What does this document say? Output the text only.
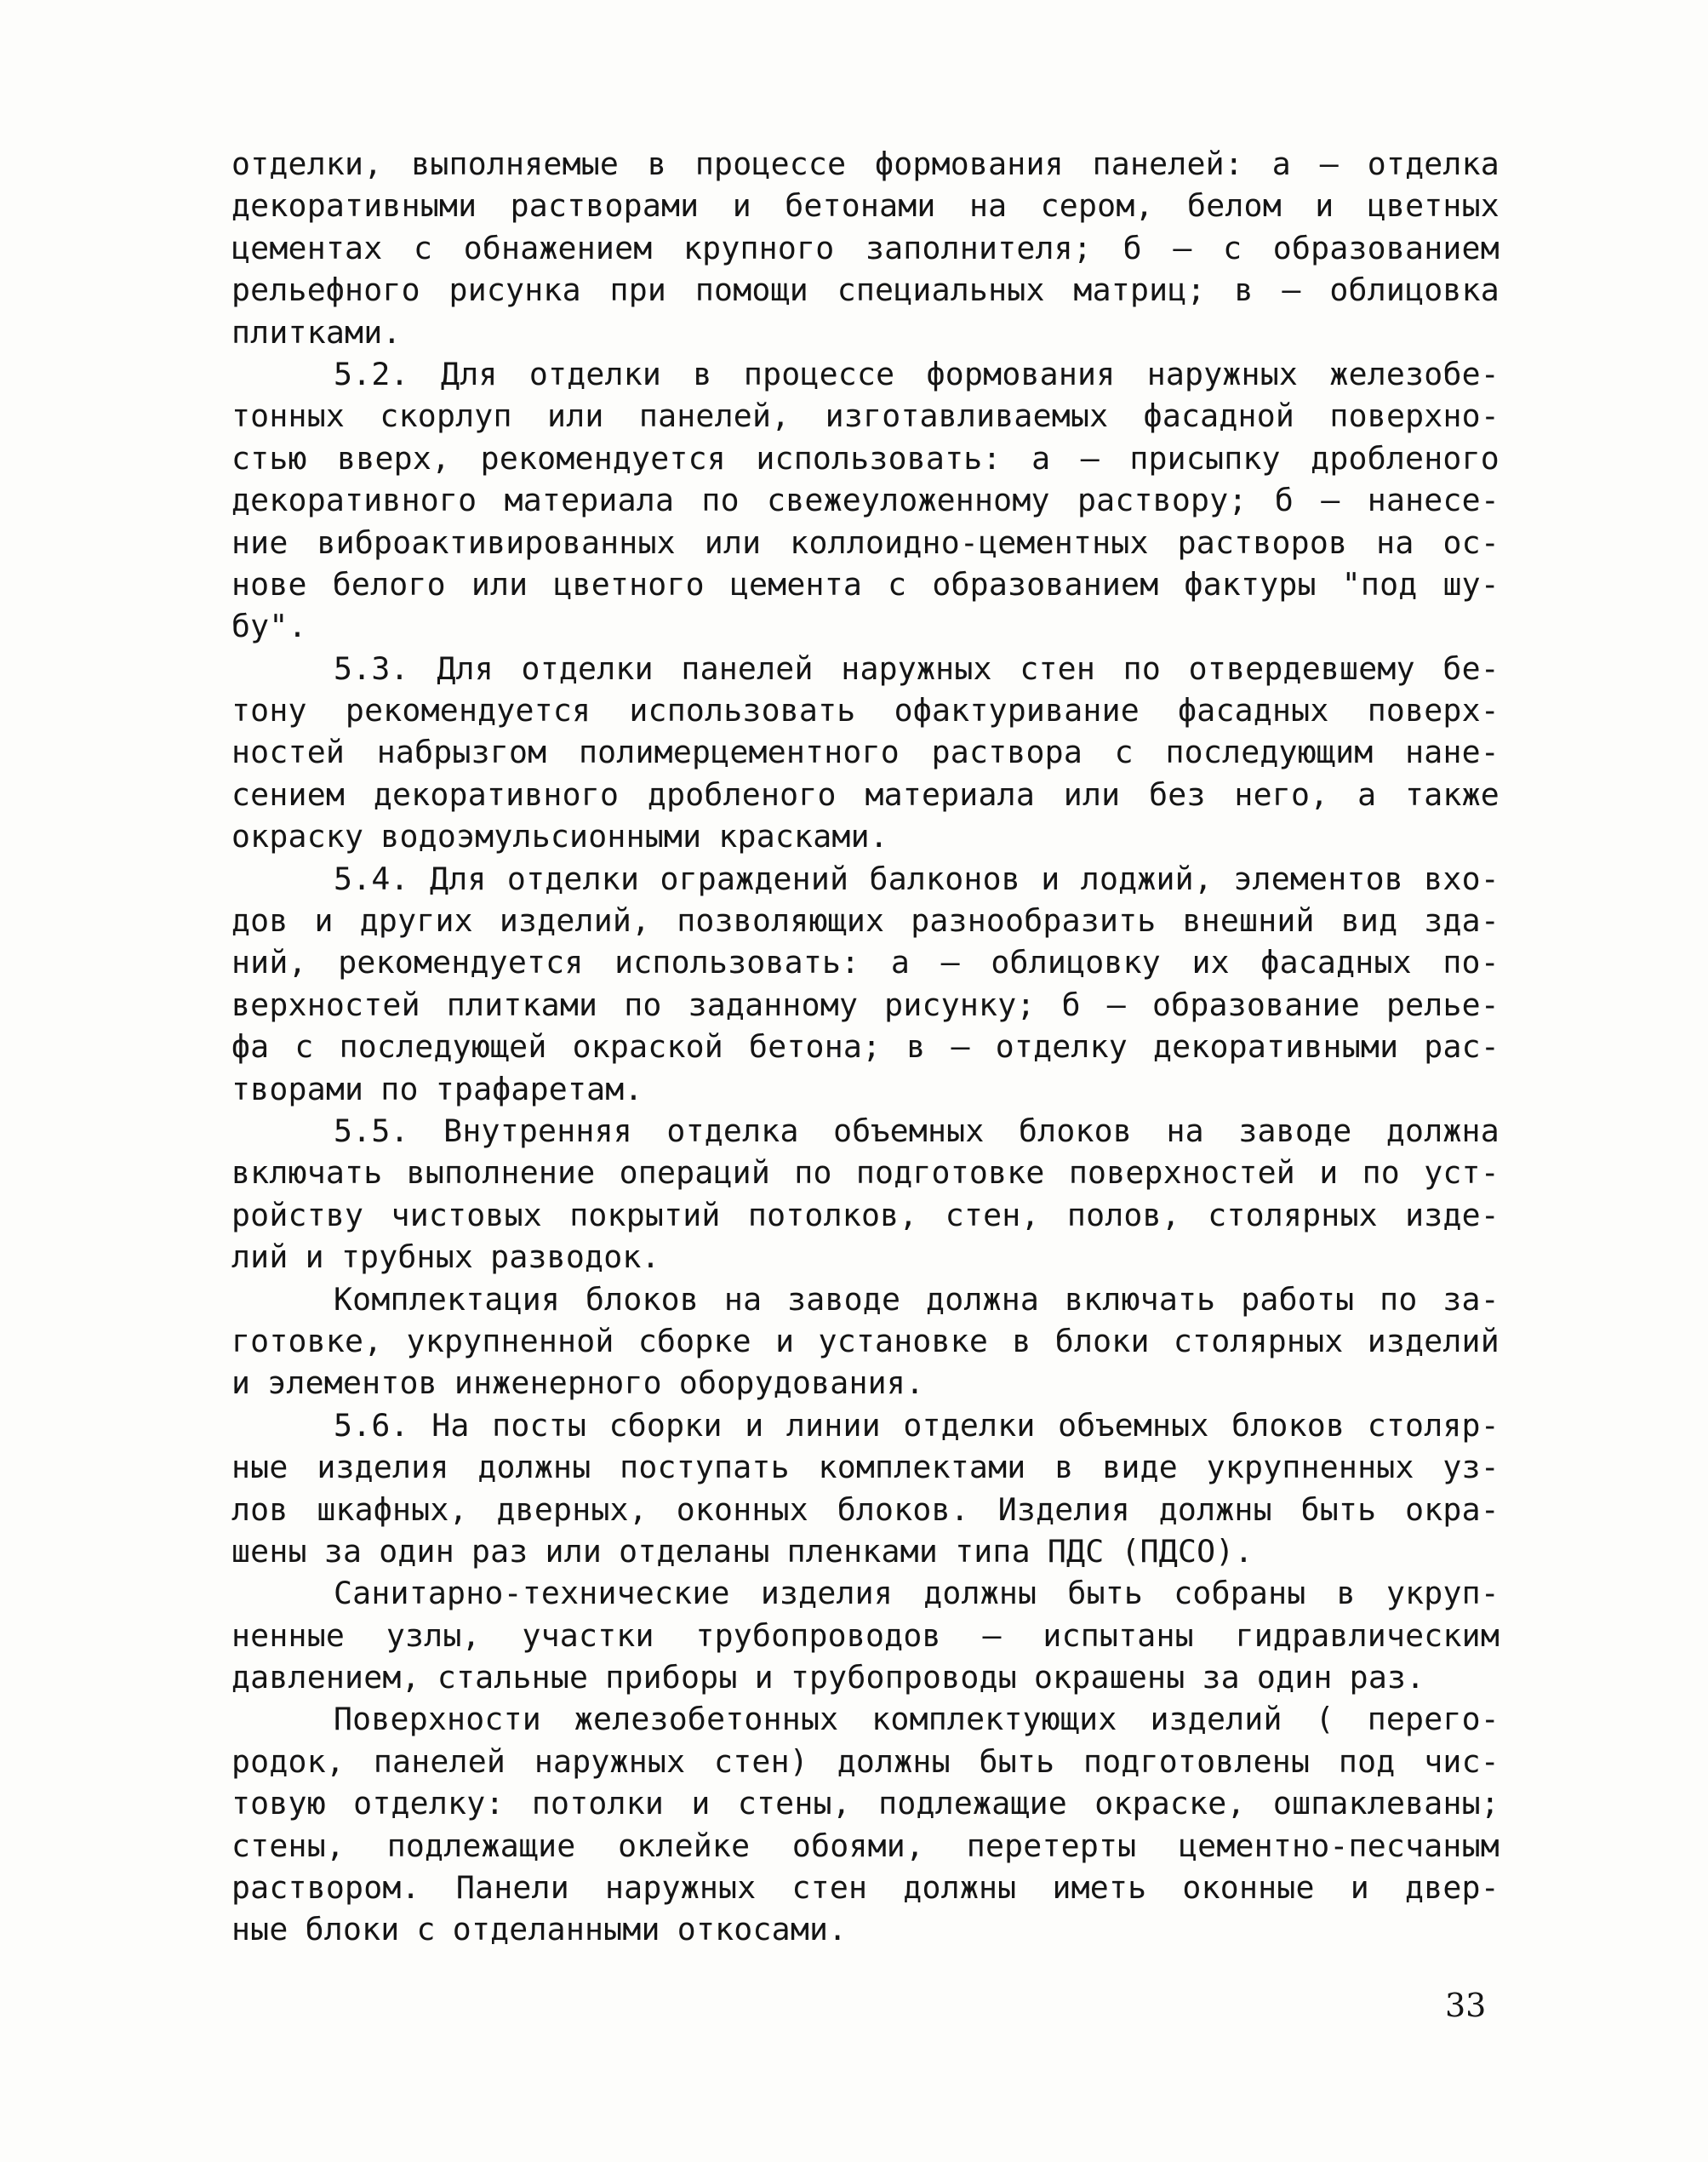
отделки, выполняемые в процессе формования панелей: а – отделка
декоративными растворами и бетонами на сером, белом и цветных
цементах с обнажением крупного заполнителя; б – с образованием
рельефного рисунка при помощи специальных матриц; в – облицовка
плитками.
5.2. Для отделки в процессе формования наружных железобе-
тонных скорлуп или панелей, изготавливаемых фасадной поверхно-
стью вверх, рекомендуется использовать: а – присыпку дробленого
декоративного материала по свежеуложенному раствору; б – нанесе-
ние виброактивированных или коллоидно-цементных растворов на ос-
нове белого или цветного цемента с образованием фактуры "под шу-
бу".
5.3. Для отделки панелей наружных стен по отвердевшему бе-
тону рекомендуется использовать офактуривание фасадных поверх-
ностей набрызгом полимерцементного раствора с последующим нане-
сением декоративного дробленого материала или без него, а также
окраску водоэмульсионными красками.
5.4. Для отделки ограждений балконов и лоджий, элементов вхо-
дов и других изделий, позволяющих разнообразить внешний вид зда-
ний, рекомендуется использовать: а – облицовку их фасадных по-
верхностей плитками по заданному рисунку; б – образование релье-
фа с последующей окраской бетона; в – отделку декоративными рас-
творами по трафаретам.
5.5. Внутренняя отделка объемных блоков на заводе должна
включать выполнение операций по подготовке поверхностей и по уст-
ройству чистовых покрытий потолков, стен, полов, столярных изде-
лий и трубных разводок.
Комплектация блоков на заводе должна включать работы по за-
готовке, укрупненной сборке и установке в блоки столярных изделий
и элементов инженерного оборудования.
5.6. На посты сборки и линии отделки объемных блоков столяр-
ные изделия должны поступать комплектами в виде укрупненных уз-
лов шкафных, дверных, оконных блоков. Изделия должны быть окра-
шены за один раз или отделаны пленками типа ПДС (ПДСО).
Санитарно-технические изделия должны быть собраны в укруп-
ненные узлы, участки трубопроводов – испытаны гидравлическим
давлением, стальные приборы и трубопроводы окрашены за один раз.
Поверхности железобетонных комплектующих изделий ( перего-
родок, панелей наружных стен) должны быть подготовлены под чис-
товую отделку: потолки и стены, подлежащие окраске, ошпаклеваны;
стены, подлежащие оклейке обоями, перетерты цементно-песчаным
раствором. Панели наружных стен должны иметь оконные и двер-
ные блоки с отделанными откосами.
33
